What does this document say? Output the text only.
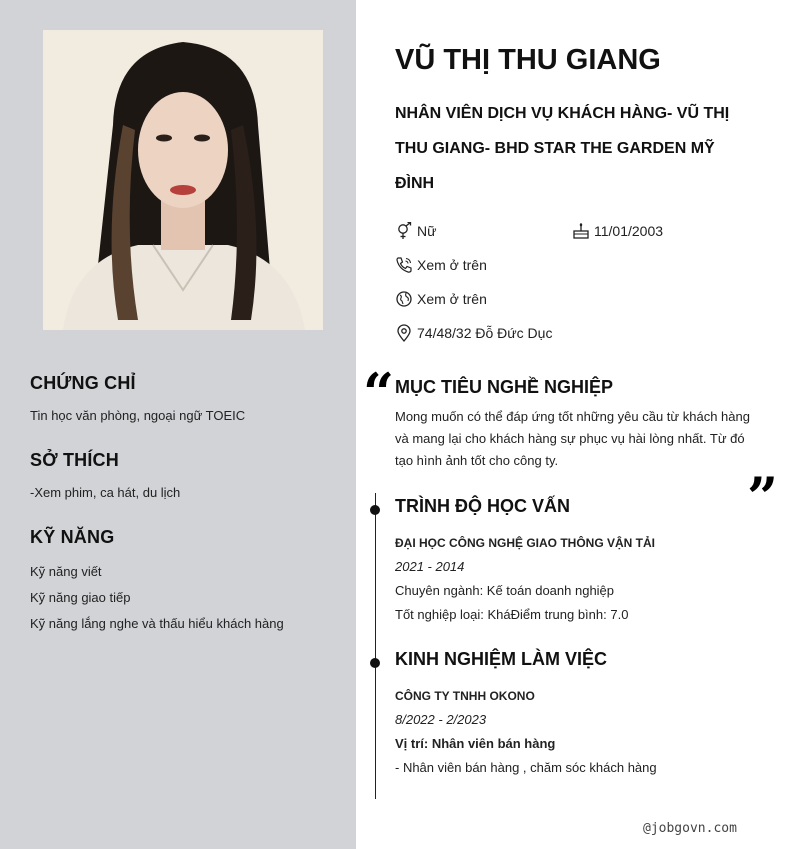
CHỨNG CHỈ
Tin học văn phòng, ngoại ngữ TOEIC
SỞ THÍCH
-Xem phim, ca hát, du lịch
KỸ NĂNG
Kỹ năng viết
Kỹ năng giao tiếp
Kỹ năng lắng nghe và thấu hiểu khách hàng
VŨ THỊ THU GIANG
NHÂN VIÊN DỊCH VỤ KHÁCH HÀNG- VŨ THỊ THU GIANG- BHD STAR THE GARDEN MỸ ĐÌNH
Nữ	11/01/2003
Xem ở trên
Xem ở trên
74/48/32 Đỗ Đức Dục
“ MỤC TIÊU NGHỀ NGHIỆP
Mong muốn có thể đáp ứng tốt những yêu cầu từ khách hàng và mang lại cho khách hàng sự phục vụ hài lòng nhất. Từ đó tạo hình ảnh tốt cho công ty.
”
TRÌNH ĐỘ HỌC VẤN
ĐẠI HỌC CÔNG NGHỆ GIAO THÔNG VẬN TẢI
2021 - 2014
Chuyên ngành: Kế toán doanh nghiệp
Tốt nghiệp loại: KháĐiểm trung bình: 7.0
KINH NGHIỆM LÀM VIỆC
CÔNG TY TNHH OKONO
8/2022 - 2/2023
Vị trí: Nhân viên bán hàng
- Nhân viên bán hàng , chăm sóc khách hàng
@jobgovn.com
